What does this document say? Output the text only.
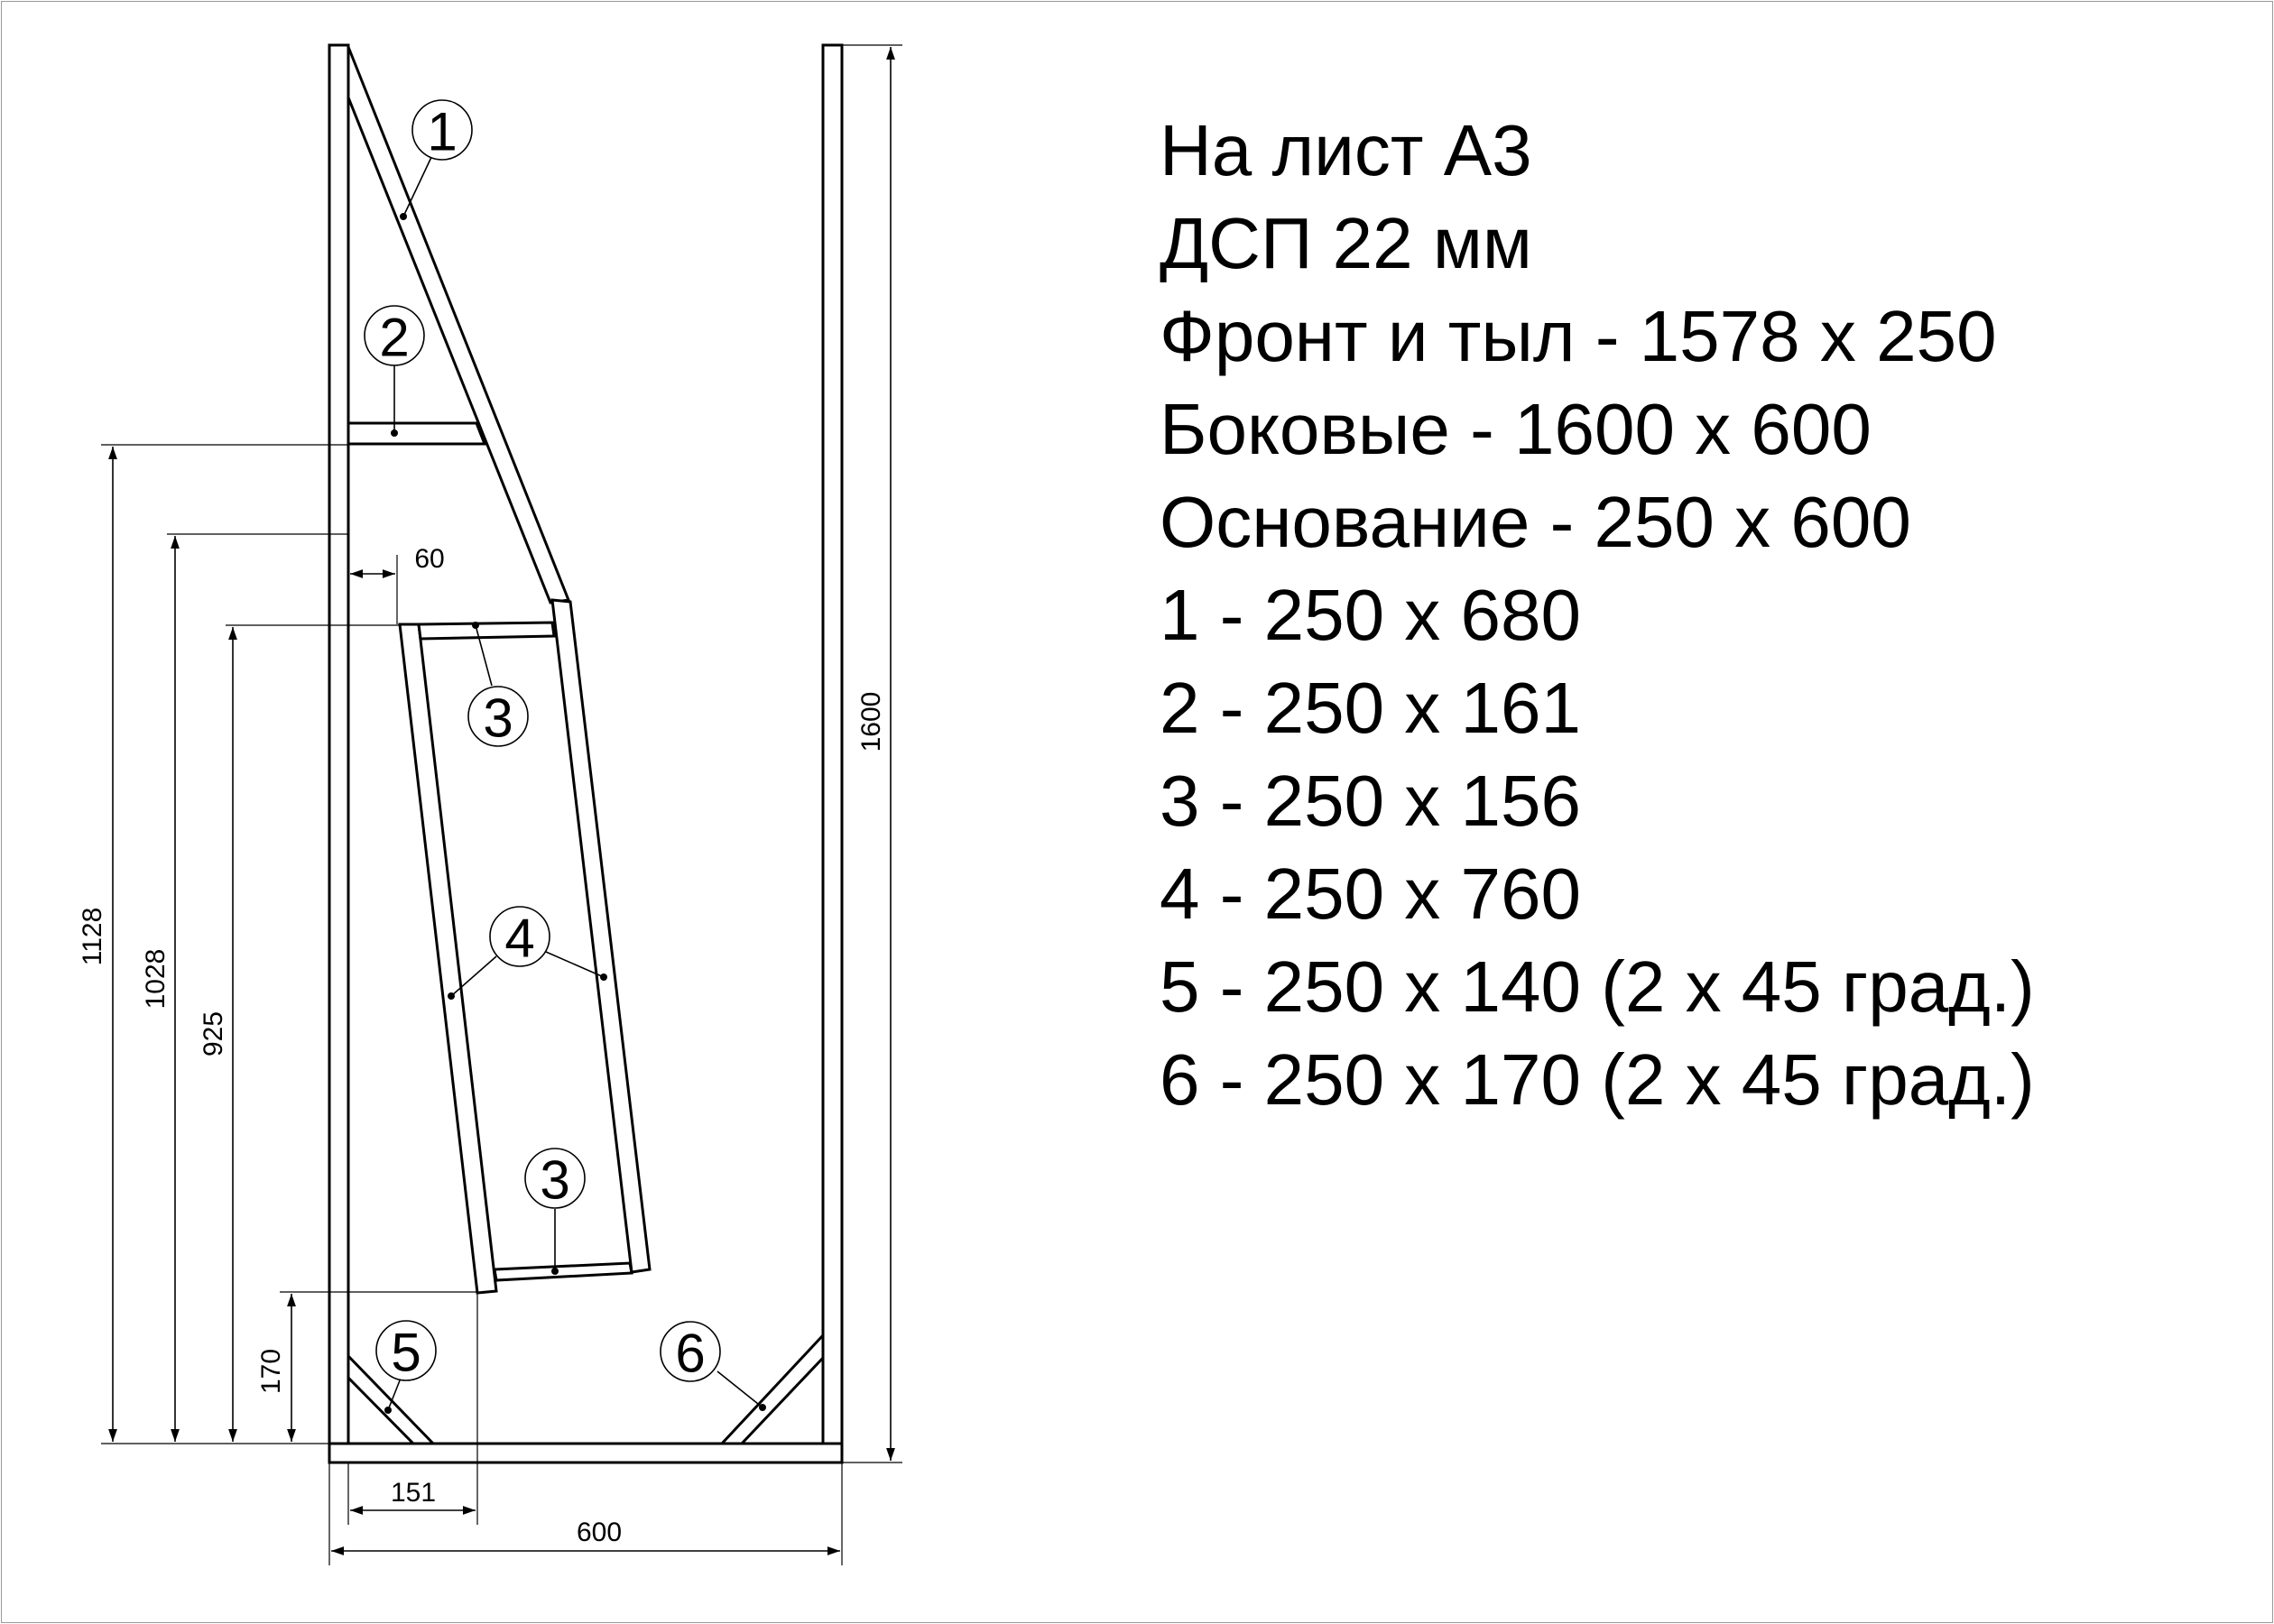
1600
1128
1028
925
170
600
151
60
1
2
3
4
3
5	6
На лист А3
ДСП 22 мм
Фронт и тыл - 1578 х 250
Боковые - 1600 х 600
Основание - 250 х 600
1 - 250 х 680
2 - 250 х 161
3 - 250 х 156
4 - 250 х 760
5 - 250 х 140 (2 х 45 град.)
6 - 250 х 170 (2 х 45 град.)
